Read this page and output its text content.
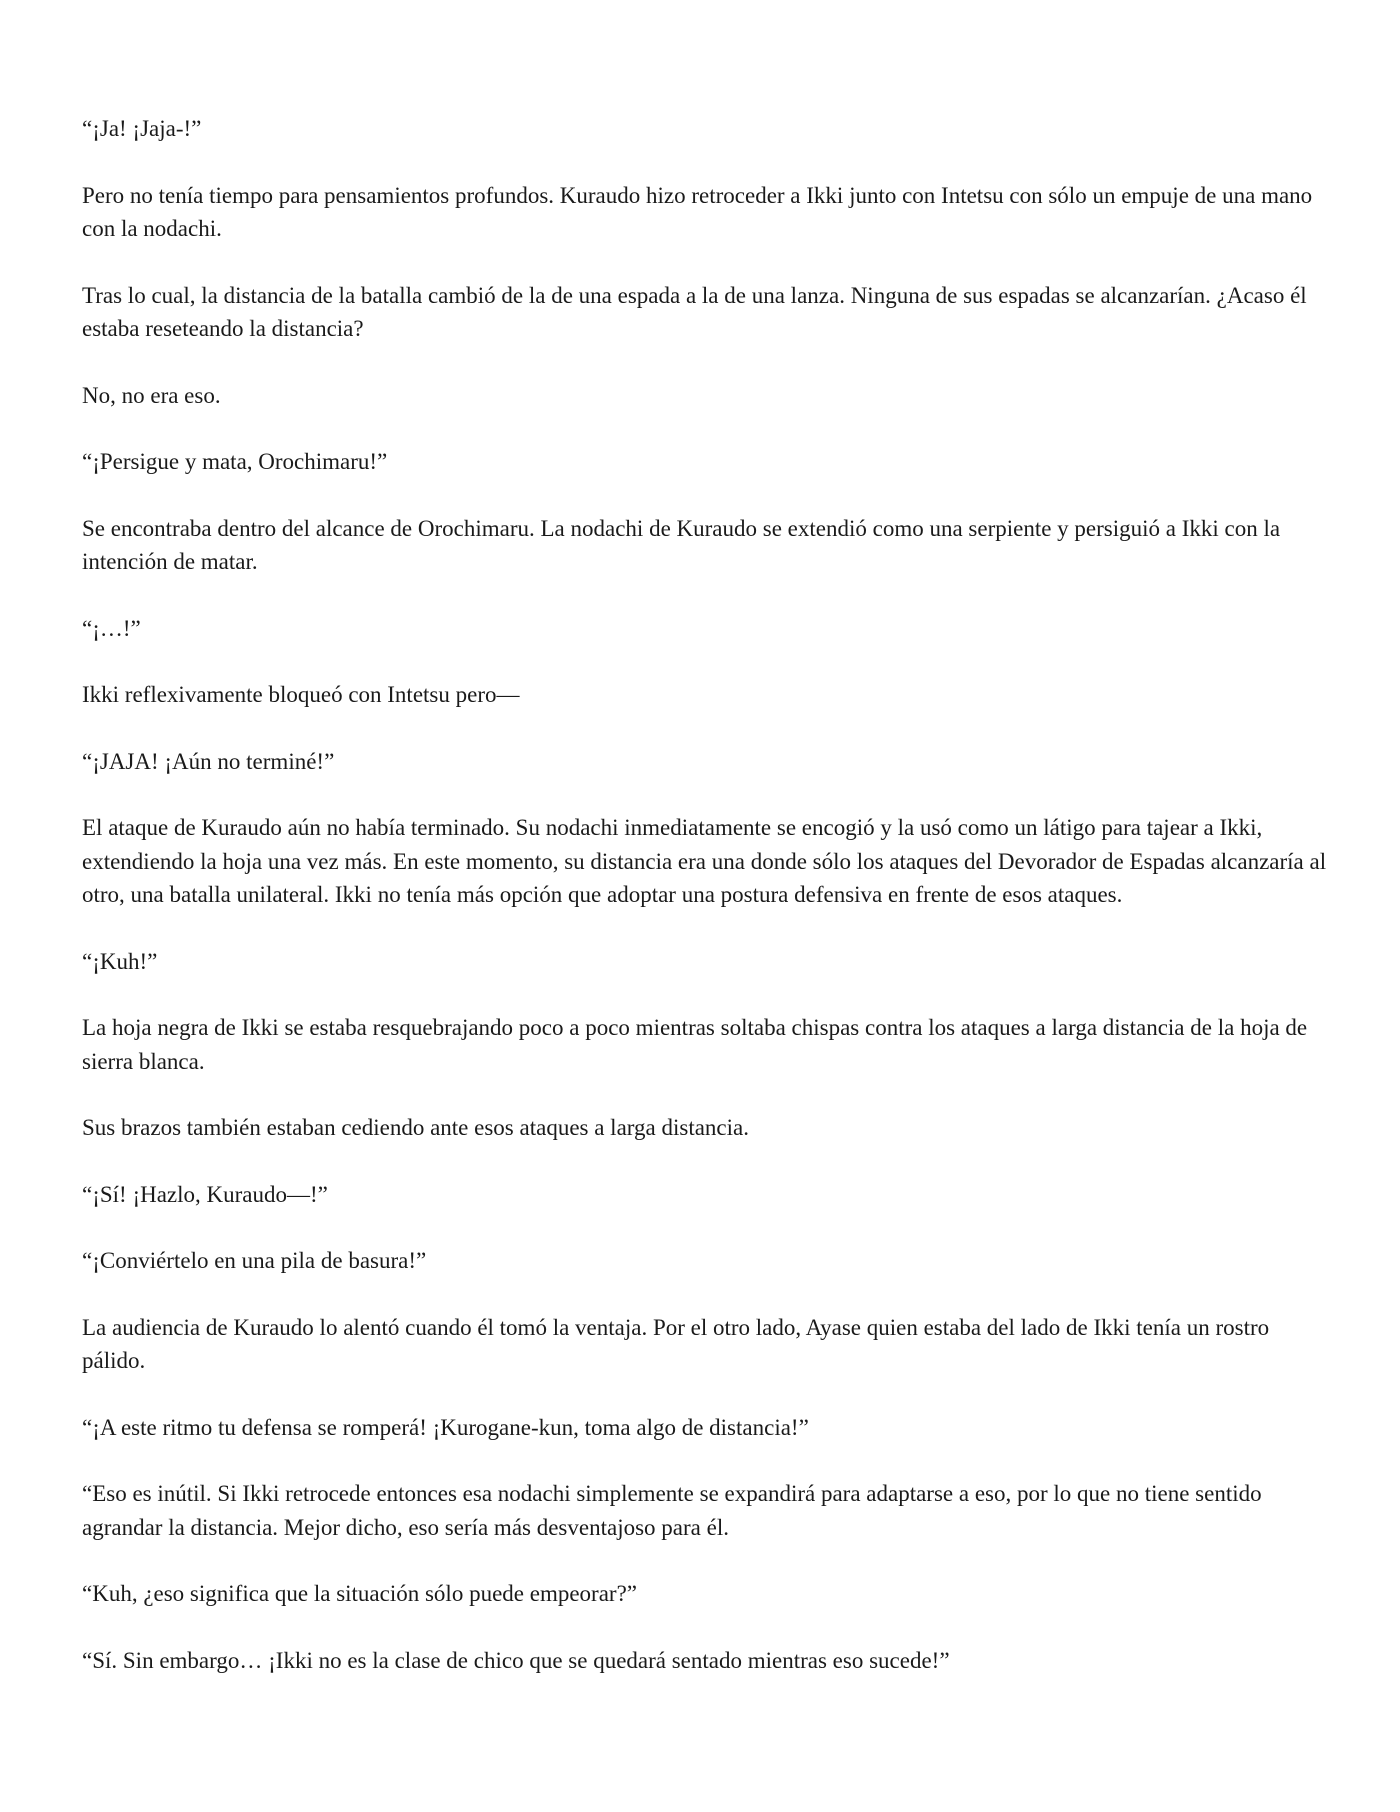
“¡Ja! ¡Jaja-!”

Pero no tenía tiempo para pensamientos profundos. Kuraudo hizo retroceder a Ikki junto con Intetsu con sólo un empuje de una mano con la nodachi.

Tras lo cual, la distancia de la batalla cambió de la de una espada a la de una lanza. Ninguna de sus espadas se alcanzarían. ¿Acaso él estaba reseteando la distancia?

No, no era eso.

“¡Persigue y mata, Orochimaru!”

Se encontraba dentro del alcance de Orochimaru. La nodachi de Kuraudo se extendió como una serpiente y persiguió a Ikki con la intención de matar.

“¡…!”

Ikki reflexivamente bloqueó con Intetsu pero—

“¡JAJA! ¡Aún no terminé!”

El ataque de Kuraudo aún no había terminado. Su nodachi inmediatamente se encogió y la usó como un látigo para tajear a Ikki, extendiendo la hoja una vez más. En este momento, su distancia era una donde sólo los ataques del Devorador de Espadas alcanzaría al otro, una batalla unilateral. Ikki no tenía más opción que adoptar una postura defensiva en frente de esos ataques.

“¡Kuh!”

La hoja negra de Ikki se estaba resquebrajando poco a poco mientras soltaba chispas contra los ataques a larga distancia de la hoja de sierra blanca.

Sus brazos también estaban cediendo ante esos ataques a larga distancia.

“¡Sí! ¡Hazlo, Kuraudo—!”

“¡Conviértelo en una pila de basura!”

La audiencia de Kuraudo lo alentó cuando él tomó la ventaja. Por el otro lado, Ayase quien estaba del lado de Ikki tenía un rostro pálido.

“¡A este ritmo tu defensa se romperá! ¡Kurogane-kun, toma algo de distancia!”

“Eso es inútil. Si Ikki retrocede entonces esa nodachi simplemente se expandirá para adaptarse a eso, por lo que no tiene sentido agrandar la distancia. Mejor dicho, eso sería más desventajoso para él.

“Kuh, ¿eso significa que la situación sólo puede empeorar?”

“Sí. Sin embargo… ¡Ikki no es la clase de chico que se quedará sentado mientras eso sucede!”
